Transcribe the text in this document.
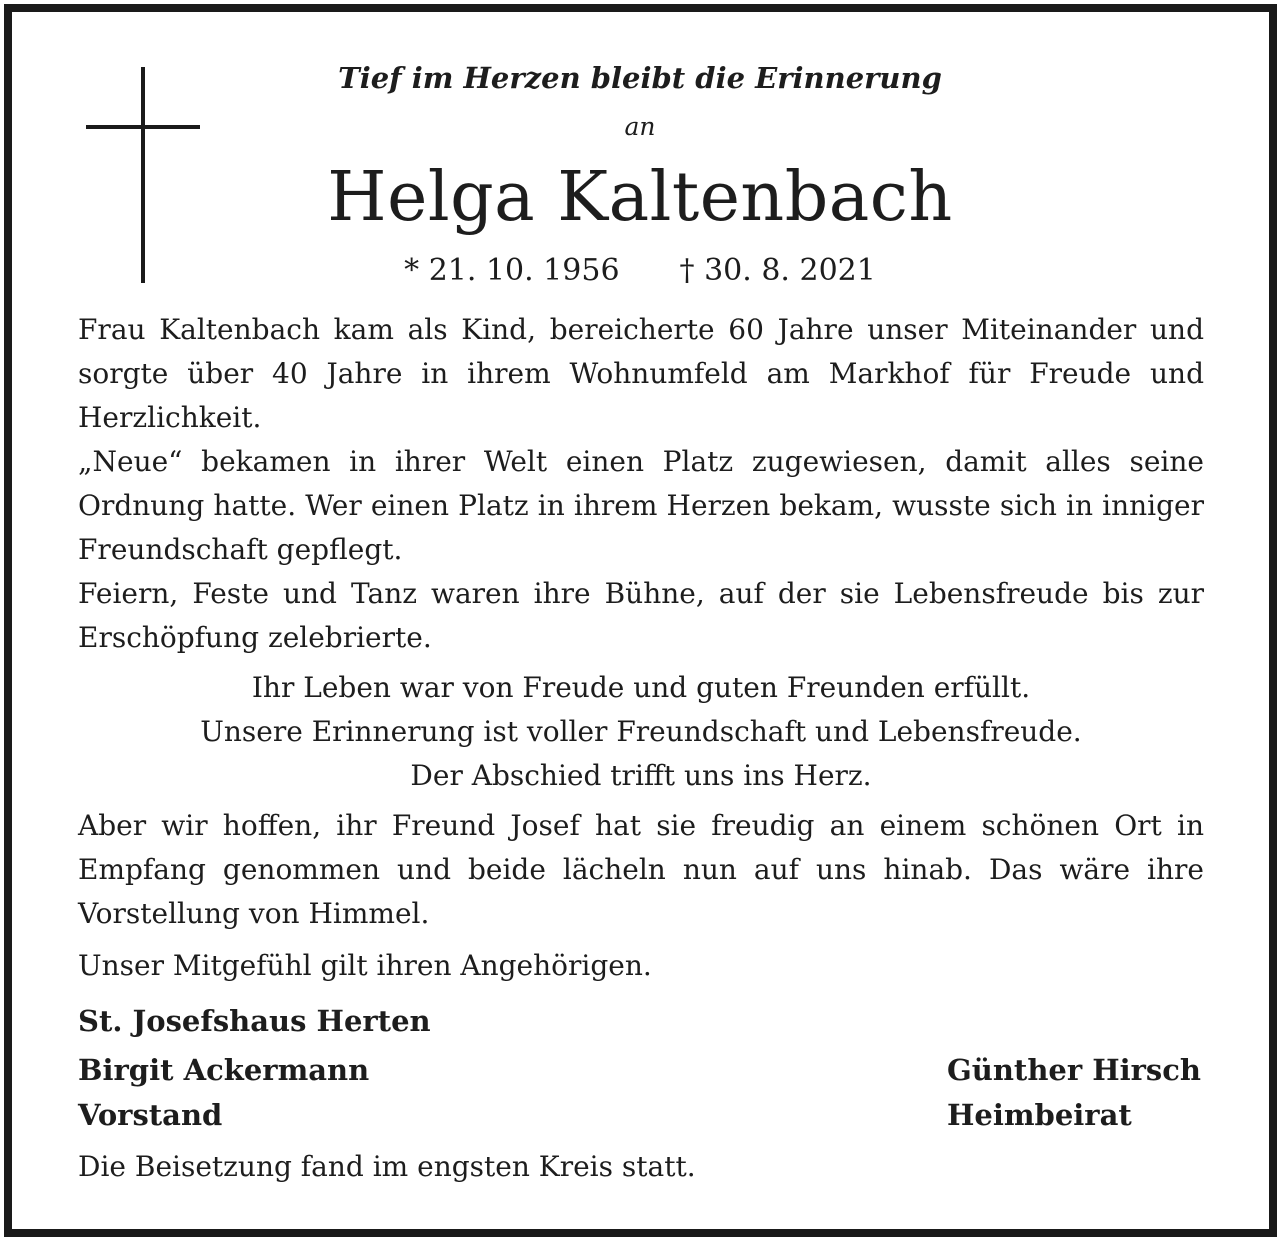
Tief im Herzen bleibt die Erinnerung

an

Helga Kaltenbach
* 21. 10. 1956 † 30. 8. 2021

Frau Kaltenbach kam als Kind, bereicherte 60 Jahre unser Miteinander und sorgte über 40 Jahre in ihrem Wohnumfeld am Markhof für Freude und Herzlichkeit.

„Neue“ bekamen in ihrer Welt einen Platz zugewiesen, damit alles seine Ordnung hatte. Wer einen Platz in ihrem Herzen bekam, wusste sich in inniger Freundschaft gepflegt.

Feiern, Feste und Tanz waren ihre Bühne, auf der sie Lebensfreude bis zur Erschöpfung zelebrierte.

Ihr Leben war von Freude und guten Freunden erfüllt.

Unsere Erinnerung ist voller Freundschaft und Lebensfreude.

Der Abschied trifft uns ins Herz.

Aber wir hoffen, ihr Freund Josef hat sie freudig an einem schönen Ort in Empfang genommen und beide lächeln nun auf uns hinab. Das wäre ihre Vorstellung von Himmel.

Unser Mitgefühl gilt ihren Angehörigen.

St. Josefshaus Herten

Birgit Ackermann

Vorstand

Günther Hirsch

Heimbeirat

Die Beisetzung fand im engsten Kreis statt.
